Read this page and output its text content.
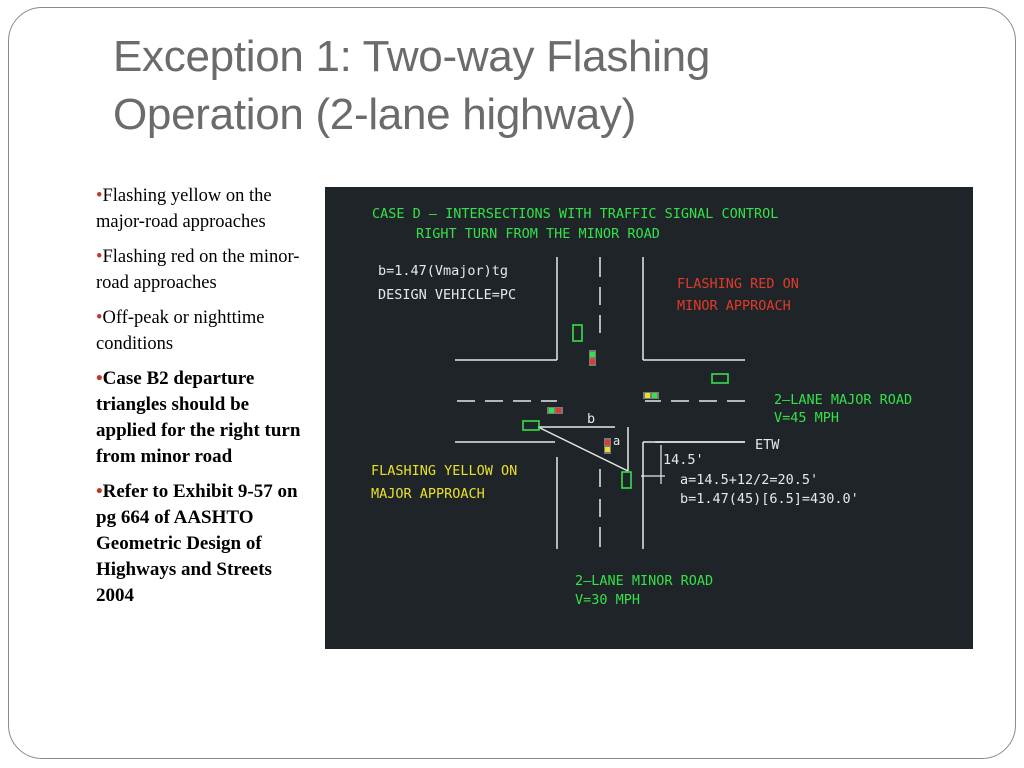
Exception 1: Two-way Flashing
Operation (2-lane highway)
•Flashing yellow on the major-road approaches
•Flashing red on the minor-road approaches
•Off-peak or nighttime conditions
•Case B2 departure triangles should be applied for the right turn from minor road
•Refer to Exhibit 9-57 on pg 664 of AASHTO Geometric Design of Highways and Streets 2004
CASE D – INTERSECTIONS WITH TRAFFIC SIGNAL CONTROL
RIGHT TURN FROM THE MINOR ROAD
b=1.47(Vmajor)tg
DESIGN VEHICLE=PC
FLASHING RED ON
MINOR APPROACH
b
a	ETW
14.5'
a=14.5+12/2=20.5'
b=1.47(45)[6.5]=430.0'
FLASHING YELLOW ON
MAJOR APPROACH
2–LANE MAJOR ROAD
V=45 MPH
2–LANE MINOR ROAD
V=30 MPH
